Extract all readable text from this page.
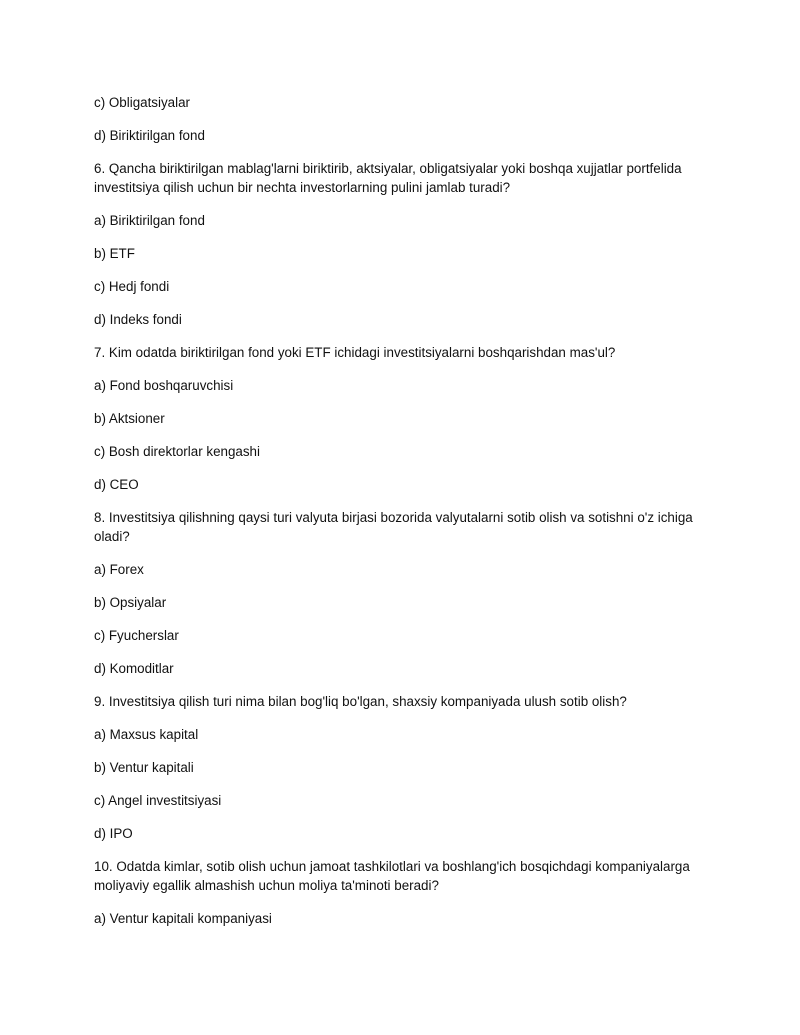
c) Obligatsiyalar

d) Biriktirilgan fond

6. Qancha biriktirilgan mablag'larni biriktirib, aktsiyalar, obligatsiyalar yoki boshqa xujjatlar portfelida investitsiya qilish uchun bir nechta investorlarning pulini jamlab turadi?

a) Biriktirilgan fond

b) ETF

c) Hedj fondi

d) Indeks fondi

7. Kim odatda biriktirilgan fond yoki ETF ichidagi investitsiyalarni boshqarishdan mas'ul?

a) Fond boshqaruvchisi

b) Aktsioner

c) Bosh direktorlar kengashi

d) CEO

8. Investitsiya qilishning qaysi turi valyuta birjasi bozorida valyutalarni sotib olish va sotishni o'z ichiga oladi?

a) Forex

b) Opsiyalar

c) Fyucherslar

d) Komoditlar

9. Investitsiya qilish turi nima bilan bog'liq bo'lgan, shaxsiy kompaniyada ulush sotib olish?

a) Maxsus kapital

b) Ventur kapitali

c) Angel investitsiyasi

d) IPO

10. Odatda kimlar, sotib olish uchun jamoat tashkilotlari va boshlang'ich bosqichdagi kompaniyalarga moliyaviy egallik almashish uchun moliya ta'minoti beradi?

a) Ventur kapitali kompaniyasi
